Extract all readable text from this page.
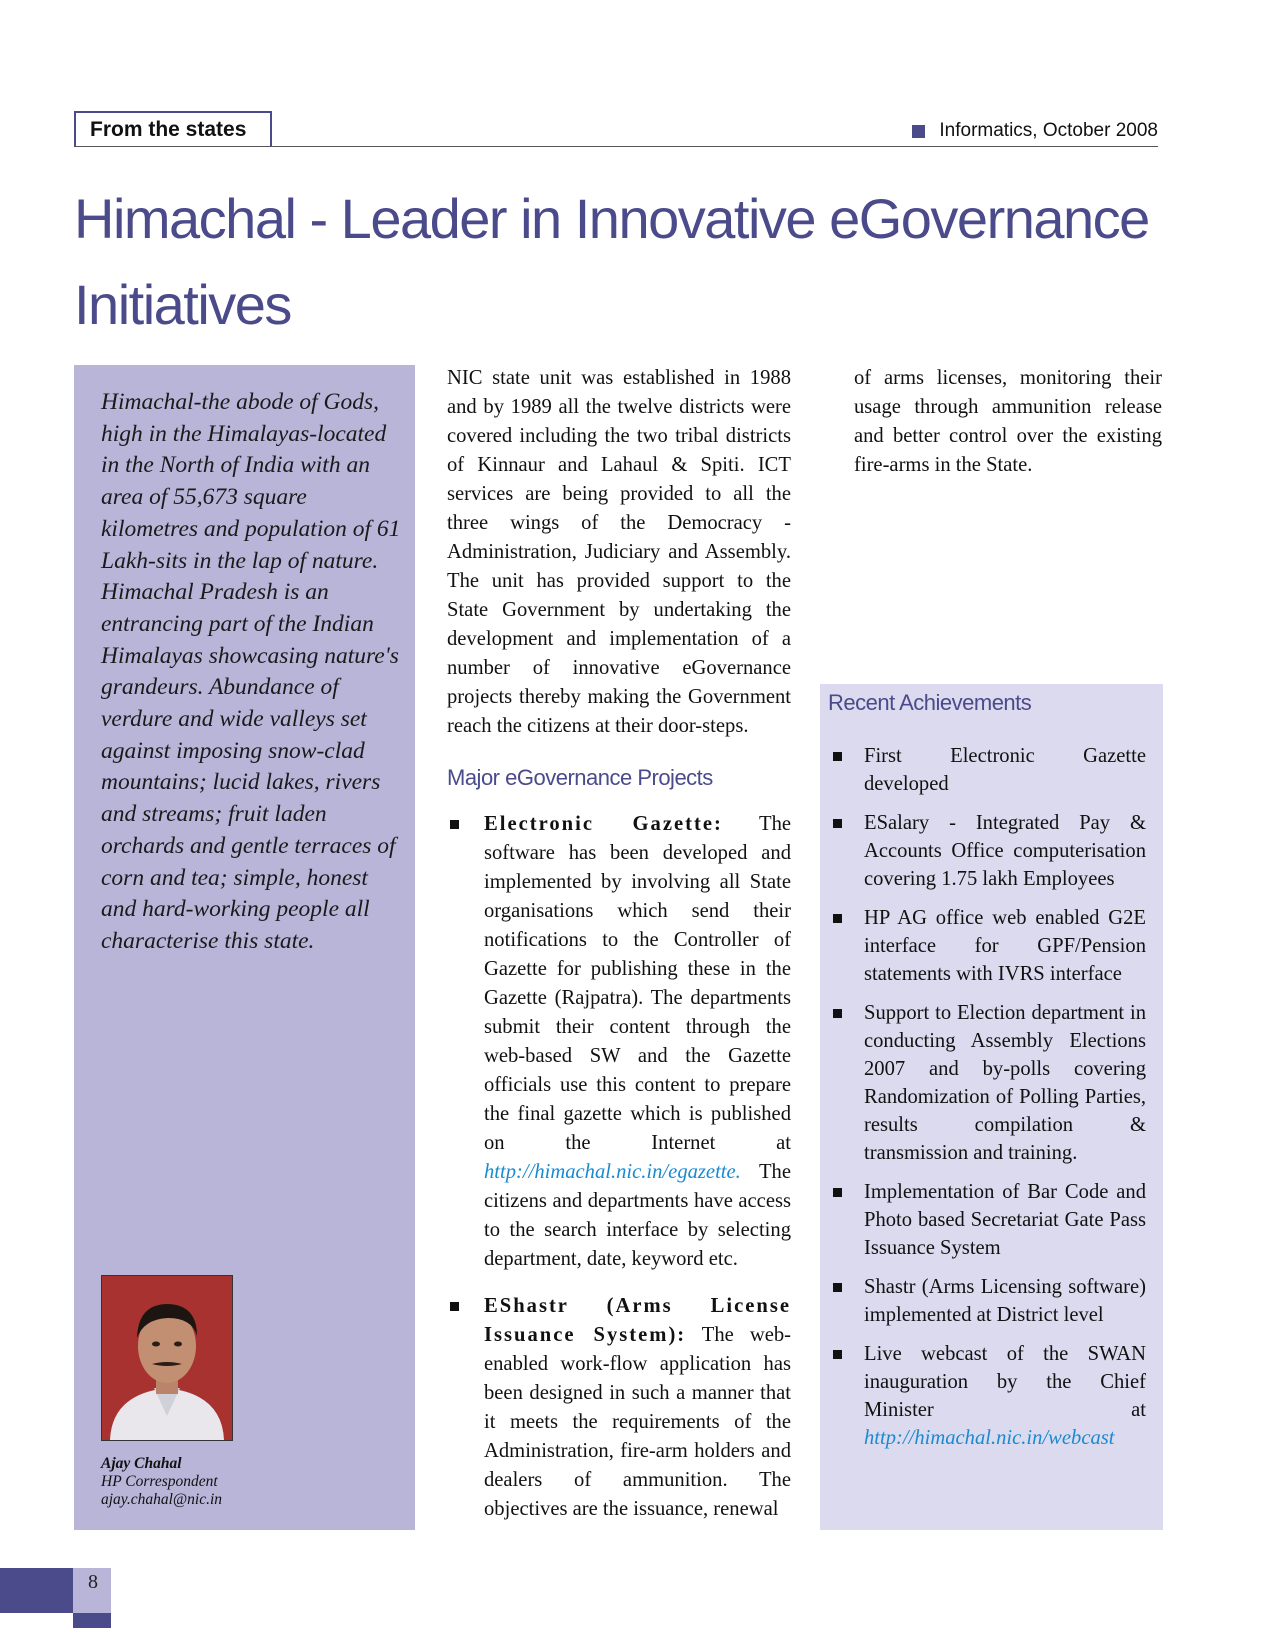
From the states	Informatics, October 2008
Himachal - Leader in Innovative eGovernance Initiatives
Himachal-the abode of Gods, high in the Himalayas-located in the North of India with an area of 55,673 square kilometres and population of 61 Lakh-sits in the lap of nature. Himachal Pradesh is an entrancing part of the Indian Himalayas showcasing nature's grandeurs. Abundance of verdure and wide valleys set against imposing snow-clad mountains; lucid lakes, rivers and streams; fruit laden orchards and gentle terraces of corn and tea; simple, honest and hard-working people all characterise this state.
Ajay Chahal
HP Correspondent
ajay.chahal@nic.in

NIC state unit was established in 1988 and by 1989 all the twelve districts were covered including the two tribal districts of Kinnaur and Lahaul & Spiti. ICT services are being provided to all the three wings of the Democracy - Administration, Judiciary and Assembly. The unit has provided support to the State Government by undertaking the development and implementation of a number of innovative eGovernance projects thereby making the Government reach the citizens at their door-steps.

Major eGovernance Projects
Electronic Gazette: The software has been developed and implemented by involving all State organisations which send their notifications to the Controller of Gazette for publishing these in the Gazette (Rajpatra). The departments submit their content through the web-based SW and the Gazette officials use this content to prepare the final gazette which is published on the Internet at http://himachal.nic.in/egazette. The citizens and departments have access to the search interface by selecting department, date, keyword etc.
EShastr (Arms License Issuance System): The web-enabled work-flow application has been designed in such a manner that it meets the requirements of the Administration, fire-arm holders and dealers of ammunition. The objectives are the issuance, renewal

of arms licenses, monitoring their usage through ammunition release and better control over the existing fire-arms in the State.

Recent Achievements
First Electronic Gazette developed
ESalary - Integrated Pay & Accounts Office computerisation covering 1.75 lakh Employees
HP AG office web enabled G2E interface for GPF/Pension statements with IVRS interface
Support to Election department in conducting Assembly Elections 2007 and by-polls covering Randomization of Polling Parties, results compilation & transmission and training.
Implementation of Bar Code and Photo based Secretariat Gate Pass Issuance System
Shastr (Arms Licensing software) implemented at District level
Live webcast of the SWAN inauguration by the Chief Minister at http://himachal.nic.in/webcast
8
